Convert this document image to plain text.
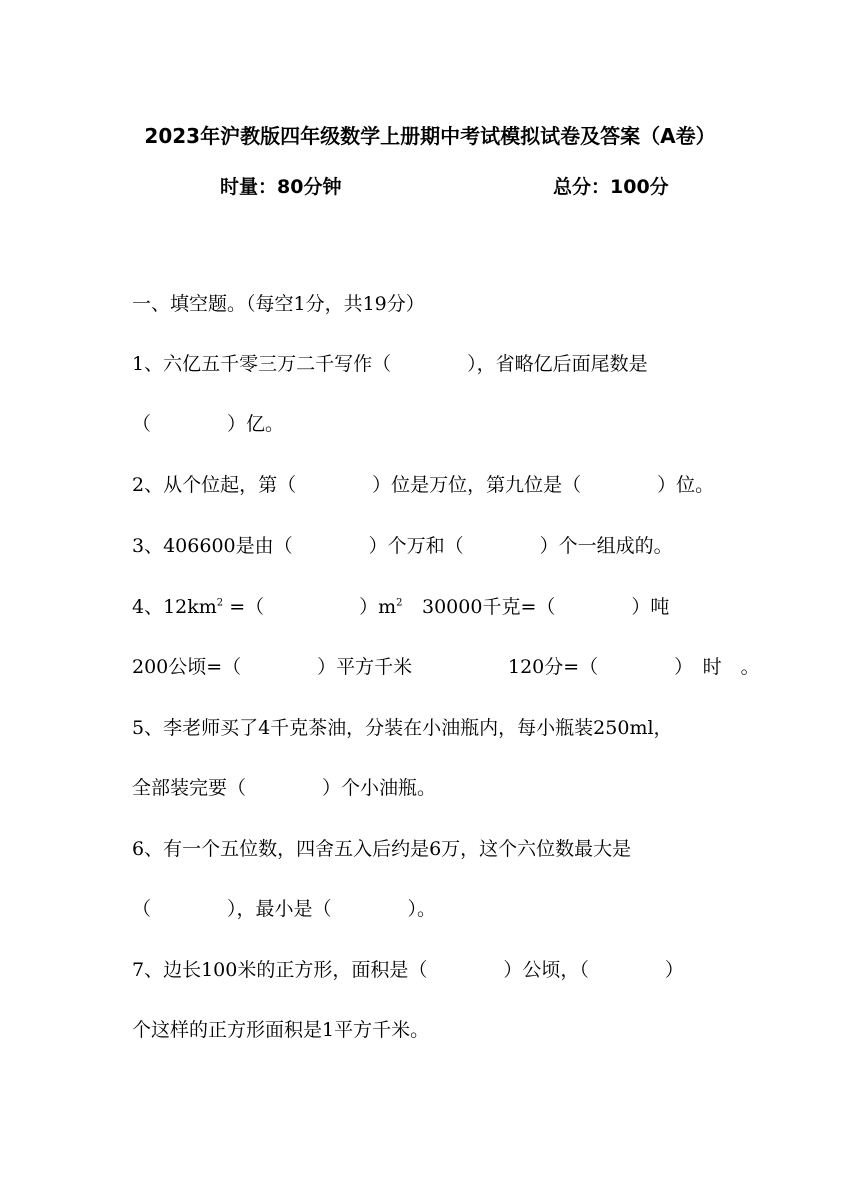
2023年沪教版四年级数学上册期中考试模拟试卷及答案（A卷）
时量：80分钟	总分：100分
一、填空题。（每空1分，共19分）
1、六亿五千零三万二千写作（　　　　），省略亿后面尾数是
（　　　　）亿。
2、从个位起，第（　　　　）位是万位，第九位是（　　　　）位。
3、406600是由（　　　　）个万和（　　　　）个一组成的。
4、$12km^2$ =（　　　　　）$m^2$ 30000千克=（　　　　）吨
200公顷=（　　　　）平方千米	120分=（　　　　）　时　。
5、李老师买了4千克茶油，分装在小油瓶内，每小瓶装250ml，
全部装完要（　　　　）个小油瓶。
6、有一个五位数，四舍五入后约是6万，这个六位数最大是
（　　　　），最小是（　　　　）。
7、边长100米的正方形，面积是（　　　　）公顷，（　　　　）
个这样的正方形面积是1平方千米。
